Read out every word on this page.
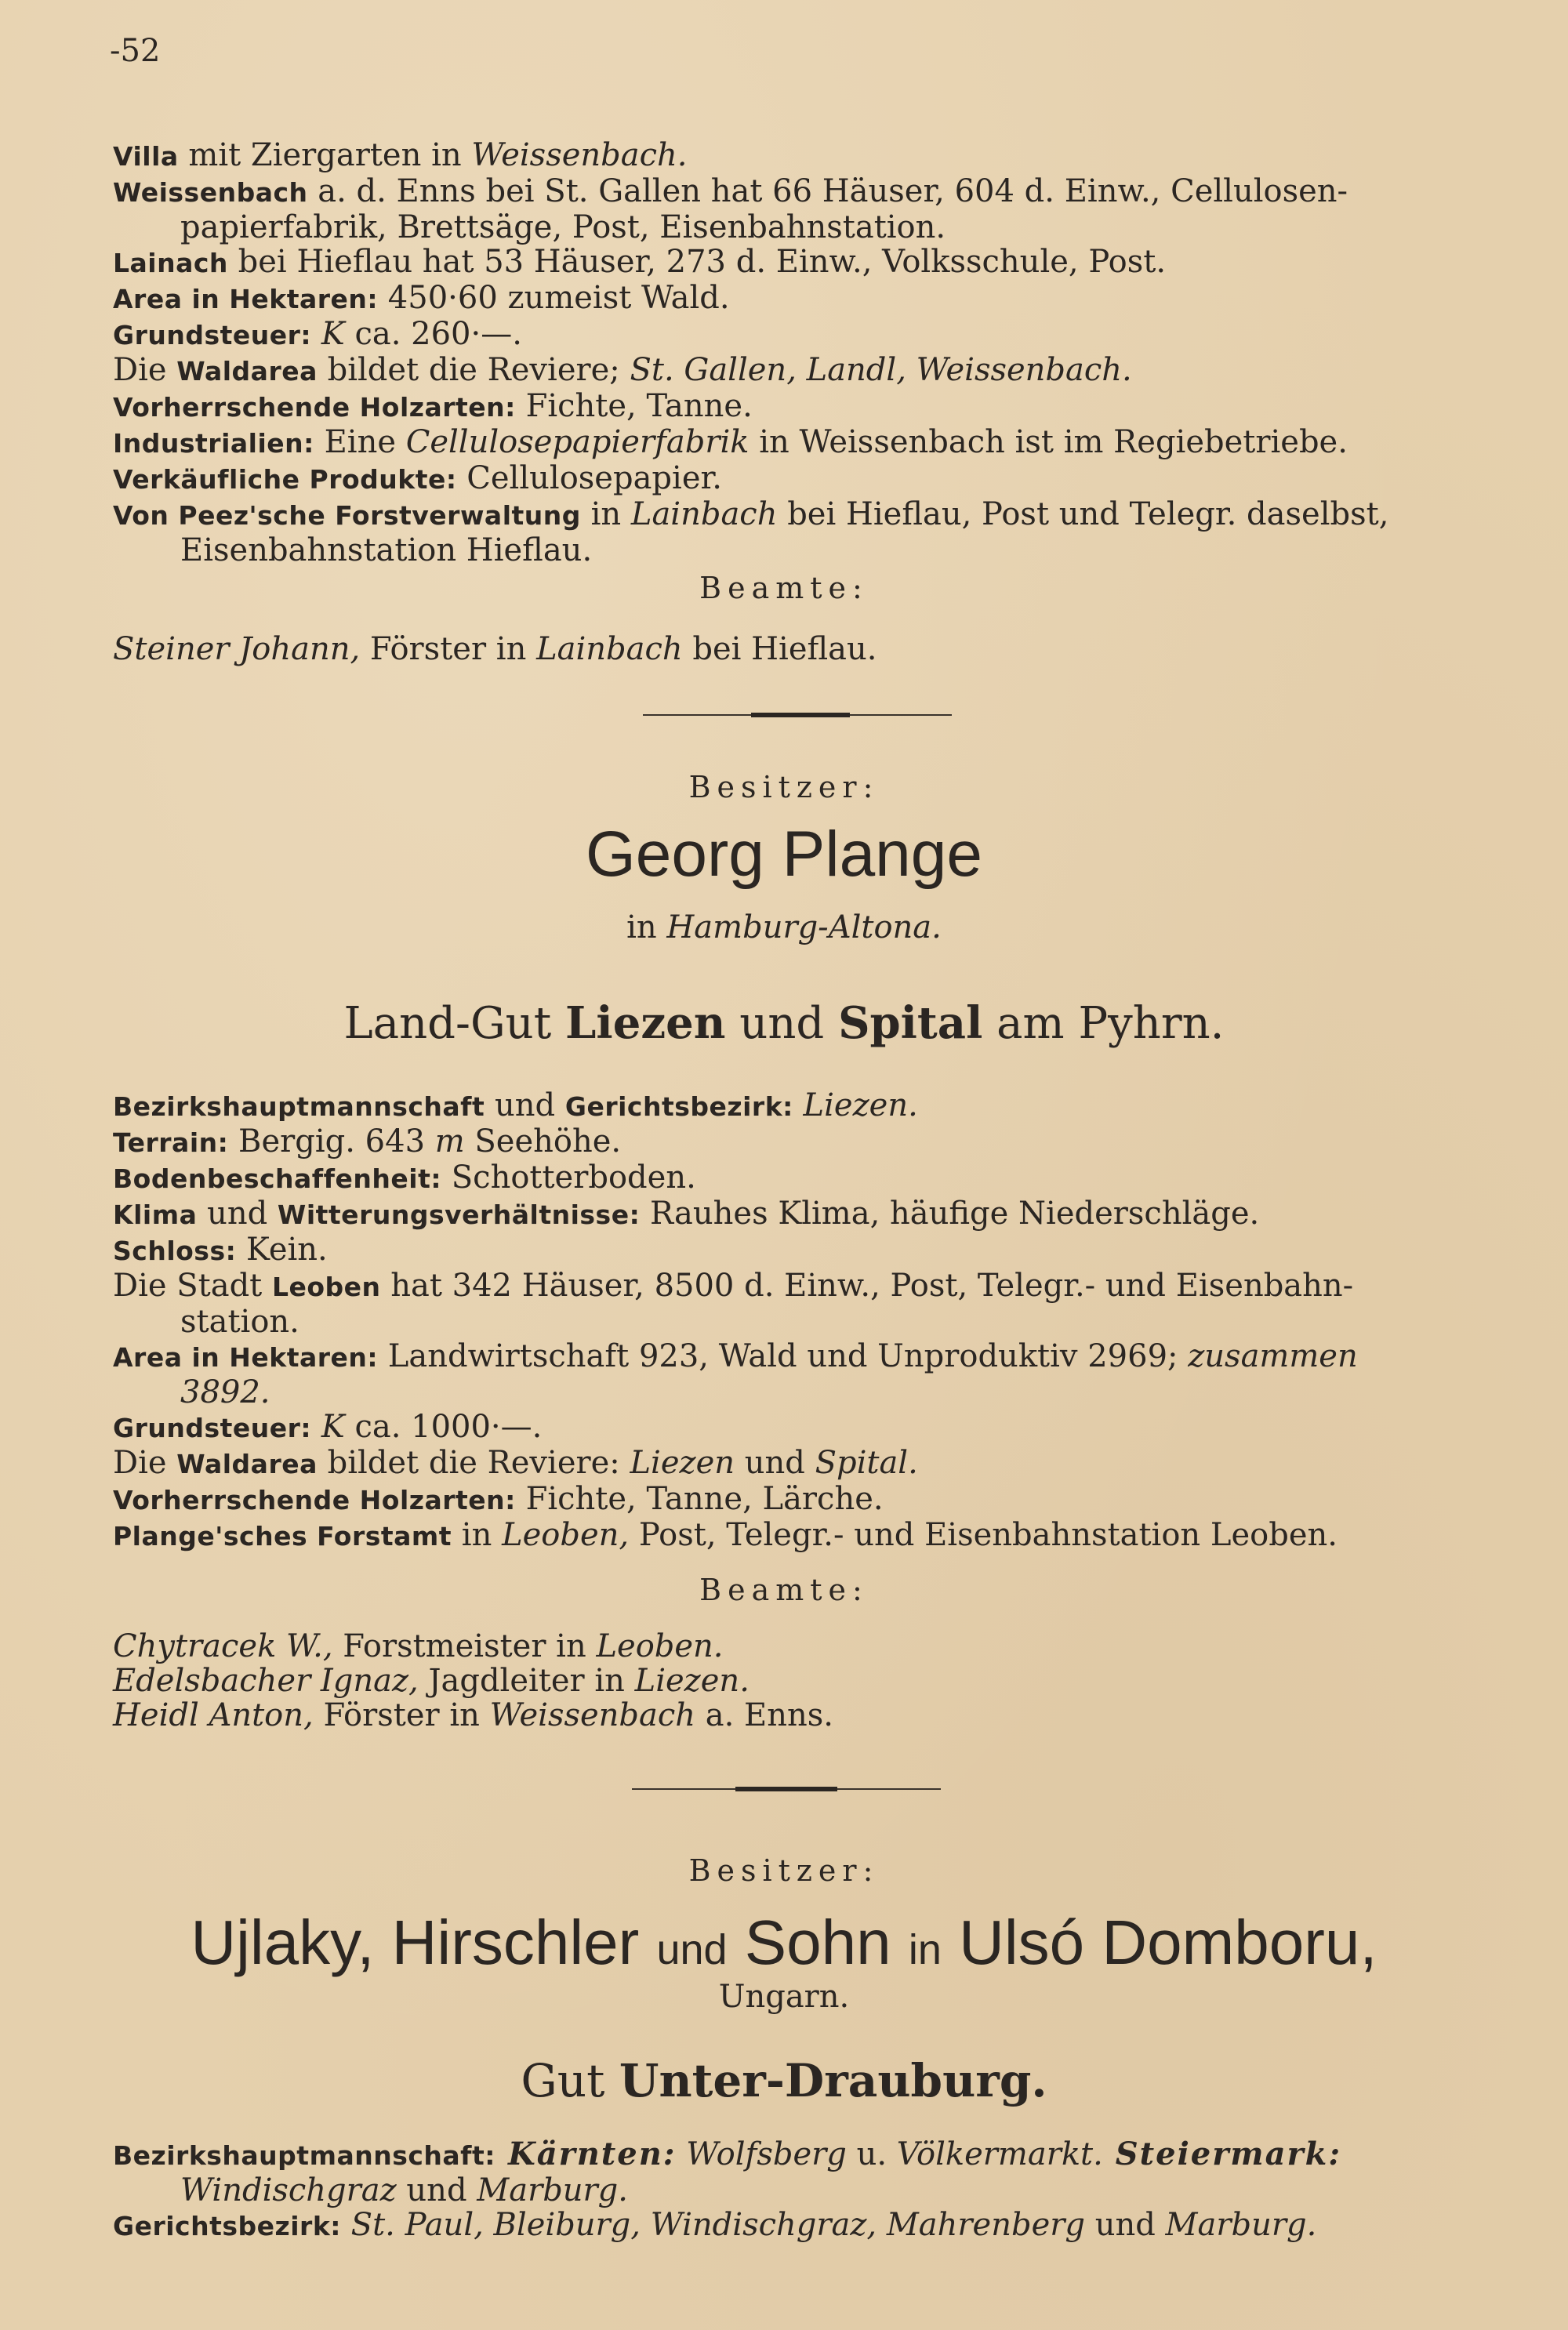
-52
Villa mit Ziergarten in Weissenbach.
Weissenbach a. d. Enns bei St. Gallen hat 66 Häuser, 604 d. Einw., Cellulosen-
papierfabrik, Brettsäge, Post, Eisenbahnstation.
Lainach bei Hieflau hat 53 Häuser, 273 d. Einw., Volksschule, Post.
Area in Hektaren: 450·60 zumeist Wald.
Grundsteuer: K ca. 260·—.
Die Waldarea bildet die Reviere; St. Gallen, Landl, Weissenbach.
Vorherrschende Holzarten: Fichte, Tanne.
Industrialien: Eine Cellulosepapierfabrik in Weissenbach ist im Regiebetriebe.
Verkäufliche Produkte: Cellulosepapier.
Von Peez'sche Forstverwaltung in Lainbach bei Hieflau, Post und Telegr. daselbst,
Eisenbahnstation Hieflau.
Beamte:
Steiner Johann, Förster in Lainbach bei Hieflau.
Besitzer:
Georg Plange
in Hamburg-Altona.
Land-Gut Liezen und Spital am Pyhrn.
Bezirkshauptmannschaft und Gerichtsbezirk: Liezen.
Terrain: Bergig. 643 m Seehöhe.
Bodenbeschaffenheit: Schotterboden.
Klima und Witterungsverhältnisse: Rauhes Klima, häufige Niederschläge.
Schloss: Kein.
Die Stadt Leoben hat 342 Häuser, 8500 d. Einw., Post, Telegr.- und Eisenbahn-
station.
Area in Hektaren: Landwirtschaft 923, Wald und Unproduktiv 2969; zusammen
3892.
Grundsteuer: K ca. 1000·—.
Die Waldarea bildet die Reviere: Liezen und Spital.
Vorherrschende Holzarten: Fichte, Tanne, Lärche.
Plange'sches Forstamt in Leoben, Post, Telegr.- und Eisenbahnstation Leoben.
Beamte:
Chytracek W., Forstmeister in Leoben.
Edelsbacher Ignaz, Jagdleiter in Liezen.
Heidl Anton, Förster in Weissenbach a. Enns.
Besitzer:
Ujlaky, Hirschler und Sohn in Ulsó Domboru,
Ungarn.
Gut Unter-Drauburg.
Bezirkshauptmannschaft: Kärnten: Wolfsberg u. Völkermarkt. Steiermark:
Windischgraz und Marburg.
Gerichtsbezirk: St. Paul, Bleiburg, Windischgraz, Mahrenberg und Marburg.
